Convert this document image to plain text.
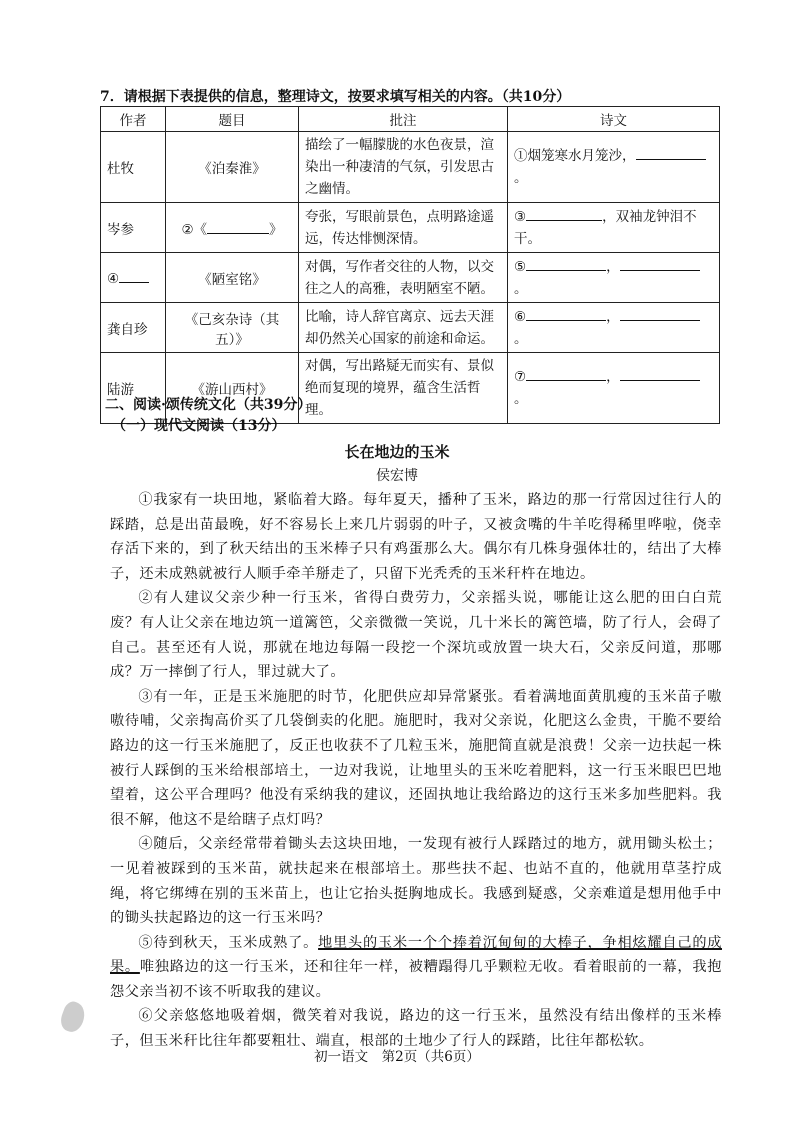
7．请根据下表提供的信息，整理诗文，按要求填写相关的内容。（共10分）
作者	题目	批注	诗文
杜牧	《泊秦淮》	描绘了一幅朦胧的水色夜景，渲染出一种凄清的气氛，引发思古之幽情。	①烟笼寒水月笼沙，。
岑参	②《 》	夸张，写眼前景色，点明路途遥远，传达悱恻深情。	③ ，双袖龙钟泪不干。
④	《陋室铭》	对偶，写作者交往的人物，以交往之人的高雅，表明陋室不陋。	⑤ ，。
龚自珍	《己亥杂诗（其五）》	比喻，诗人辞官离京、远去天涯却仍然关心国家的前途和命运。	⑥ ，。
陆游	《游山西村》	对偶，写出路疑无而实有、景似绝而复现的境界，蕴含生活哲理。	⑦ ，。
二、阅读·颂传统文化（共39分）
（一）现代文阅读（13分）
长在地边的玉米
侯宏博

①我家有一块田地，紧临着大路。每年夏天，播种了玉米，路边的那一行常因过往行人的踩踏，总是出苗最晚，好不容易长上来几片弱弱的叶子，又被贪嘴的牛羊吃得稀里哗啦，侥幸存活下来的，到了秋天结出的玉米棒子只有鸡蛋那么大。偶尔有几株身强体壮的，结出了大棒子，还未成熟就被行人顺手牵羊掰走了，只留下光秃秃的玉米秆杵在地边。

②有人建议父亲少种一行玉米，省得白费劳力，父亲摇头说，哪能让这么肥的田白白荒废？有人让父亲在地边筑一道篱笆，父亲微微一笑说，几十米长的篱笆墙，防了行人，会碍了自己。甚至还有人说，那就在地边每隔一段挖一个深坑或放置一块大石，父亲反问道，那哪成？万一摔倒了行人，罪过就大了。

③有一年，正是玉米施肥的时节，化肥供应却异常紧张。看着满地面黄肌瘦的玉米苗子嗷嗷待哺，父亲掏高价买了几袋倒卖的化肥。施肥时，我对父亲说，化肥这么金贵，干脆不要给路边的这一行玉米施肥了，反正也收获不了几粒玉米，施肥简直就是浪费！父亲一边扶起一株被行人踩倒的玉米给根部培土，一边对我说，让地里头的玉米吃着肥料，这一行玉米眼巴巴地望着，这公平合理吗？他没有采纳我的建议，还固执地让我给路边的这行玉米多加些肥料。我很不解，他这不是给瞎子点灯吗？

④随后，父亲经常带着锄头去这块田地，一发现有被行人踩踏过的地方，就用锄头松土；一见着被踩到的玉米苗，就扶起来在根部培土。那些扶不起、也站不直的，他就用草茎拧成绳，将它绑缚在别的玉米苗上，也让它抬头挺胸地成长。我感到疑惑，父亲难道是想用他手中的锄头扶起路边的这一行玉米吗？

⑤待到秋天，玉米成熟了。地里头的玉米一个个捧着沉甸甸的大棒子，争相炫耀自己的成果。唯独路边的这一行玉米，还和往年一样，被糟蹋得几乎颗粒无收。看着眼前的一幕，我抱怨父亲当初不该不听取我的建议。

⑥父亲悠悠地吸着烟，微笑着对我说，路边的这一行玉米，虽然没有结出像样的玉米棒子，但玉米秆比往年都要粗壮、端直，根部的土地少了行人的踩踏，比往年都松软。

初一语文　第2页（共6页）
